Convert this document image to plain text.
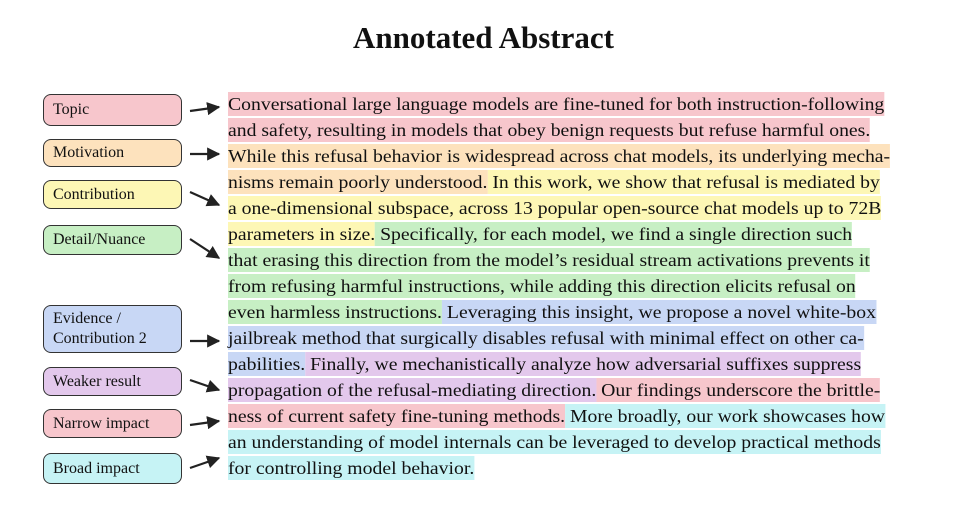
Annotated Abstract
Topic
Motivation
Contribution
Detail/Nuance
Evidence / Contribution 2
Weaker result
Narrow impact
Broad impact
Conversational large language models are fine-tuned for both instruction-following
and safety, resulting in models that obey benign requests but refuse harmful ones.
While this refusal behavior is widespread across chat models, its underlying mecha-
nisms remain poorly understood. In this work, we show that refusal is mediated by
a one-dimensional subspace, across 13 popular open-source chat models up to 72B
parameters in size. Specifically, for each model, we find a single direction such
that erasing this direction from the model’s residual stream activations prevents it
from refusing harmful instructions, while adding this direction elicits refusal on
even harmless instructions. Leveraging this insight, we propose a novel white-box
jailbreak method that surgically disables refusal with minimal effect on other ca-
pabilities. Finally, we mechanistically analyze how adversarial suffixes suppress
propagation of the refusal-mediating direction. Our findings underscore the brittle-
ness of current safety fine-tuning methods. More broadly, our work showcases how
an understanding of model internals can be leveraged to develop practical methods
for controlling model behavior.
